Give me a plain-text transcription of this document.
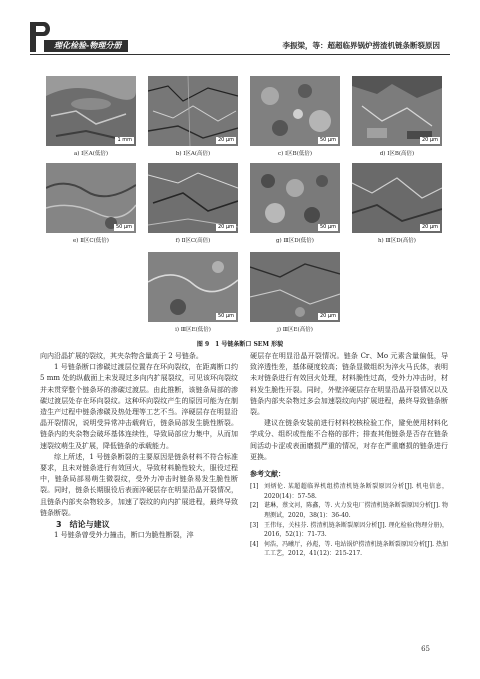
理化检验-物理分册	李振梁，等：超超临界锅炉捞渣机链条断裂原因
1 mm	20 μm	50 μm	20 μm
a) Ⅰ区A(低倍)	b) Ⅰ区A(高倍)	c) Ⅰ区B(低倍)	d) Ⅰ区B(高倍)
50 μm	20 μm	50 μm	20 μm
e) Ⅱ区C(低倍)	f) Ⅱ区C(高倍)	g) Ⅲ区D(低倍)	h) Ⅲ区D(高倍)
50 μm	20 μm
i) Ⅲ区E(低倍)	j) Ⅲ区E(高倍)
图 9　1 号链条断口 SEM 形貌

向内沿晶扩展的裂纹，其夹杂物含量高于 2 号链条。

1 号链条断口渗碳过渡层位置存在环向裂纹，在距离断口约 5 mm 处的纵截面上未发现过多向内扩展裂纹，可见该环向裂纹并未贯穿整个链条环的渗碳过渡层。由此推断，该链条局部的渗碳过渡层处存在环向裂纹。这种环向裂纹产生的原因可能为在制造生产过程中链条渗碳及热处理等工艺不当。淬硬层存在明显沿晶开裂情况，说明受异常冲击载荷后，链条局部发生脆性断裂。链条内的夹杂物会破坏基体连续性，导致局部应力集中，从而加速裂纹萌生及扩展，降低链条的承载能力。

综上所述，1 号链条断裂的主要原因是链条材料不符合标准要求，且未对链条进行有效回火，导致材料脆性较大，服役过程中，链条局部易萌生微裂纹，受外力冲击时链条易发生脆性断裂。同时，链条长期服役后表面淬硬层存在明显沿晶开裂情况，且链条内部夹杂物较多，加速了裂纹的向内扩展进程，最终导致链条断裂。

3　结论与建议

1 号链条曾受外力撞击，断口为脆性断裂，淬

硬层存在明显沿晶开裂情况。链条 Cr、Mo 元素含量偏低，导致淬透性差，基体硬度较高；链条显微组织为淬火马氏体，表明未对链条进行有效回火处理，材料脆性过高，受外力冲击时，材料发生脆性开裂。同时，外壁淬硬层存在明显沿晶开裂情况以及链条内部夹杂物过多会加速裂纹向内扩展进程，最终导致链条断裂。

建议在链条安装前进行材料校核检验工作，避免使用材料化学成分、组织或性能不合格的部件；排查其他链条是否存在链条间活动卡涩或表面磨损严重的情况，对存在严重磨损的链条进行更换。

参考文献：
[1] 刘炳伦. 某超超临界机组捞渣机链条断裂原因分析[J]. 机电信息，2020(14)：57-58.
[2] 谌琳，蔡文河，陈鑫，等. 火力发电厂捞渣机链条断裂原因分析[J]. 物理测试，2020，38(1)：36-40.
[3] 王伟每，关桂芬. 捞渣机链条断裂原因分析[J]. 理化检验(物理分册)，2016，52(1)：71-73.
[4] 何浩，冯曦厅，孙彪，等. 电站锅炉捞渣机链条断裂原因分析[J]. 热加工工艺，2012，41(12)：215-217.
65
